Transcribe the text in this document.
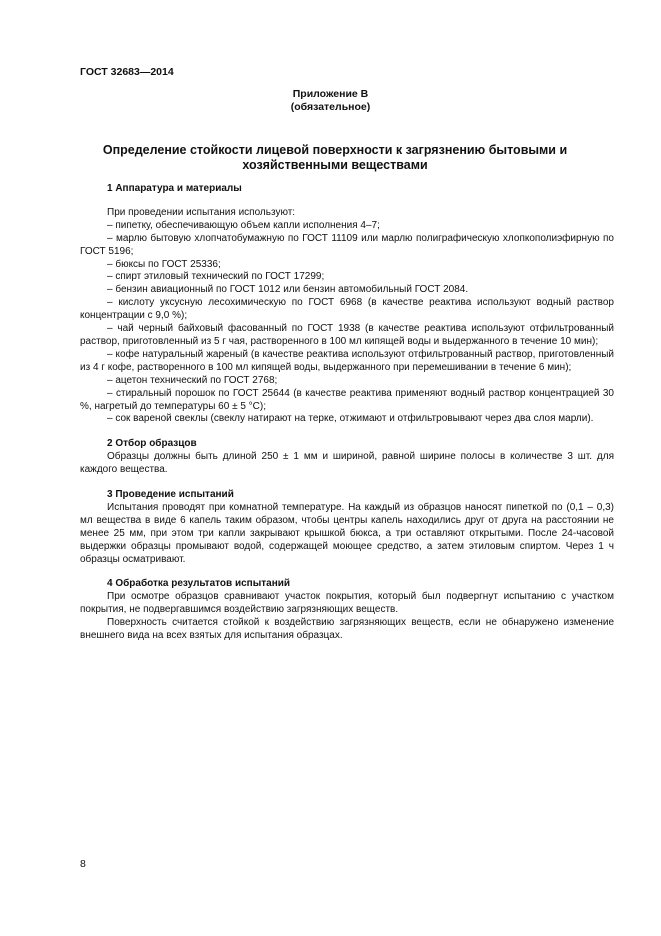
ГОСТ 32683—2014
Приложение В
(обязательное)
Определение стойкости лицевой поверхности к загрязнению бытовыми и хозяйственными веществами

1 Аппаратура и материалы

При проведении испытания используют:

– пипетку, обеспечивающую объем капли исполнения 4–7;

– марлю бытовую хлопчатобумажную по ГОСТ 11109 или марлю полиграфическую хлопкополиэфирную по ГОСТ 5196;

– бюксы по ГОСТ 25336;

– спирт этиловый технический по ГОСТ 17299;

– бензин авиационный по ГОСТ 1012 или бензин автомобильный ГОСТ 2084.

– кислоту уксусную лесохимическую по ГОСТ 6968 (в качестве реактива используют водный раствор концентрации с 9,0 %);

– чай черный байховый фасованный по ГОСТ 1938 (в качестве реактива используют отфильтрованный раствор, приготовленный из 5 г чая, растворенного в 100 мл кипящей воды и выдержанного в течение 10 мин);

– кофе натуральный жареный (в качестве реактива используют отфильтрованный раствор, приготовленный из 4 г кофе, растворенного в 100 мл кипящей воды, выдержанного при перемешивании в течение 6 мин);

– ацетон технический по ГОСТ 2768;

– стиральный порошок по ГОСТ 25644 (в качестве реактива применяют водный раствор концентрацией 30 %, нагретый до температуры 60 ± 5 °С);

– сок вареной свеклы (свеклу натирают на терке, отжимают и отфильтровывают через два слоя марли).

2 Отбор образцов

Образцы должны быть длиной 250 ± 1 мм и шириной, равной ширине полосы в количестве 3 шт. для каждого вещества.

3 Проведение испытаний

Испытания проводят при комнатной температуре. На каждый из образцов наносят пипеткой по (0,1 – 0,3) мл вещества в виде 6 капель таким образом, чтобы центры капель находились друг от друга на расстоянии не менее 25 мм, при этом три капли закрывают крышкой бюкса, а три оставляют открытыми. После 24-часовой выдержки образцы промывают водой, содержащей моющее средство, а затем этиловым спиртом. Через 1 ч образцы осматривают.

4 Обработка результатов испытаний

При осмотре образцов сравнивают участок покрытия, который был подвергнут испытанию с участком покрытия, не подвергавшимся воздействию загрязняющих веществ.

Поверхность считается стойкой к воздействию загрязняющих веществ, если не обнаружено изменение внешнего вида на всех взятых для испытания образцах.

8
